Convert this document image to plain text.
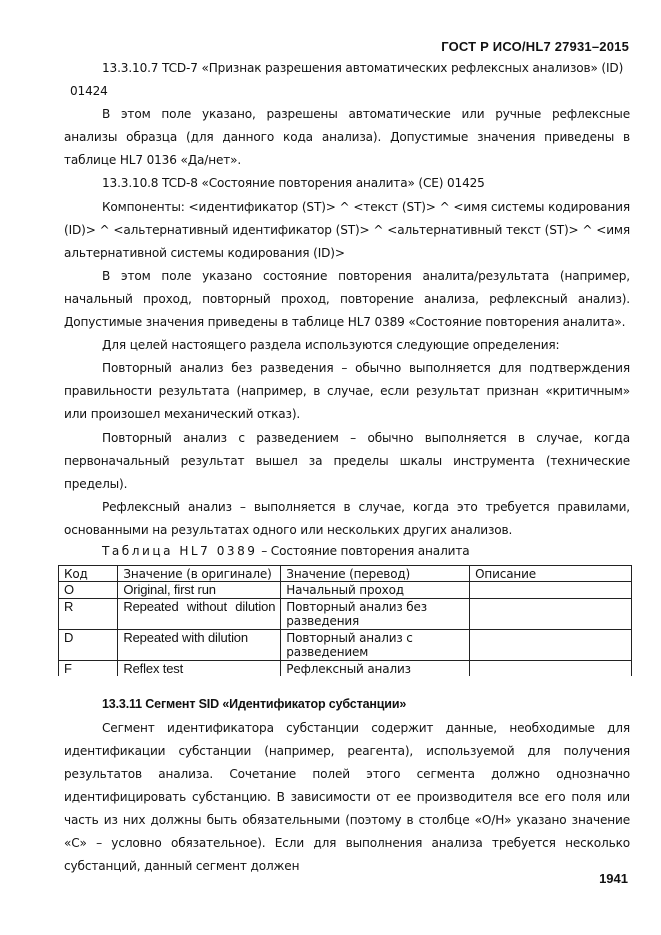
ГОСТ Р ИСО/HL7 27931–2015

13.3.10.7 TCD-7 «Признак разрешения автоматических рефлексных анализов» (ID)
01424

В этом поле указано, разрешены автоматические или ручные рефлексные анализы образца (для данного кода анализа). Допустимые значения приведены в таблице HL7 0136 «Да/нет».

13.3.10.8 TCD-8 «Состояние повторения аналита» (CE) 01425

Компоненты: <идентификатор (ST)> ^ <текст (ST)> ^ <имя системы кодирования (ID)> ^ <альтернативный идентификатор (ST)> ^ <альтернативный текст (ST)> ^ <имя альтернативной системы кодирования (ID)>

В этом поле указано состояние повторения аналита/результата (например, начальный проход, повторный проход, повторение анализа, рефлексный анализ). Допустимые значения приведены в таблице HL7 0389 «Состояние повторения аналита».

Для целей настоящего раздела используются следующие определения:

Повторный анализ без разведения – обычно выполняется для подтверждения правильности результата (например, в случае, если результат признан «критичным» или произошел механический отказ).

Повторный анализ с разведением – обычно выполняется в случае, когда первоначальный результат вышел за пределы шкалы инструмента (технические пределы).

Рефлексный анализ – выполняется в случае, когда это требуется правилами, основанными на результатах одного или нескольких других анализов.

Таблица HL7 0389 – Состояние повторения аналита

Код	Значение (в оригинале)	Значение (перевод)	Описание
O	Original, first run	Начальный проход	
R	Repeated without dilution	Повторный анализ без разведения	
D	Repeated with dilution	Повторный анализ с разведением	
F	Reflex test	Рефлексный анализ	

13.3.11 Сегмент SID «Идентификатор субстанции»

Сегмент идентификатора субстанции содержит данные, необходимые для идентификации субстанции (например, реагента), используемой для получения результатов анализа. Сочетание полей этого сегмента должно однозначно идентифицировать субстанцию. В зависимости от ее производителя все его поля или часть из них должны быть обязательными (поэтому в столбце «О/Н» указано значение «С» – условно обязательное). Если для выполнения анализа требуется несколько субстанций, данный сегмент должен

1941
